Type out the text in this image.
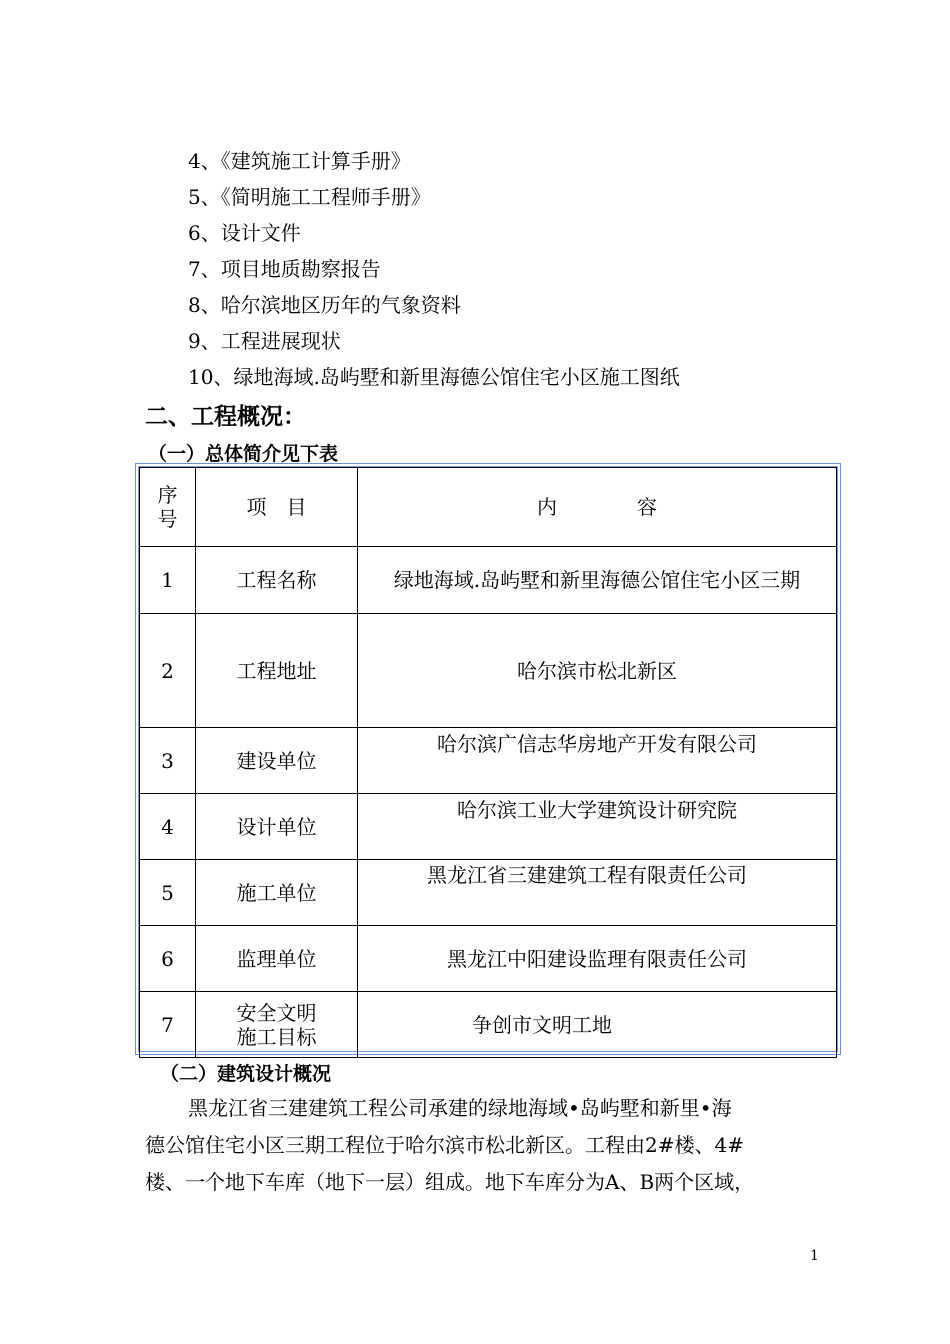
4、《建筑施工计算手册》
5、《简明施工工程师手册》
6、设计文件
7、项目地质勘察报告
8、哈尔滨地区历年的气象资料
9、工程进展现状
10、绿地海域.岛屿墅和新里海德公馆住宅小区施工图纸
二、工程概况：
（一）总体简介见下表
序
号	项　目	内　　　　容
1	工程名称	绿地海域.岛屿墅和新里海德公馆住宅小区三期
2	工程地址	哈尔滨市松北新区
3	建设单位	哈尔滨广信志华房地产开发有限公司
4	设计单位	哈尔滨工业大学建筑设计研究院
5	施工单位	黑龙江省三建建筑工程有限责任公司
6	监理单位	黑龙江中阳建设监理有限责任公司
7	安全文明
施工目标	争创市文明工地
（二）建筑设计概况
黑龙江省三建建筑工程公司承建的绿地海域•岛屿墅和新里•海
德公馆住宅小区三期工程位于哈尔滨市松北新区。工程由2#楼、4#
楼、一个地下车库（地下一层）组成。地下车库分为A、B两个区域，
1
